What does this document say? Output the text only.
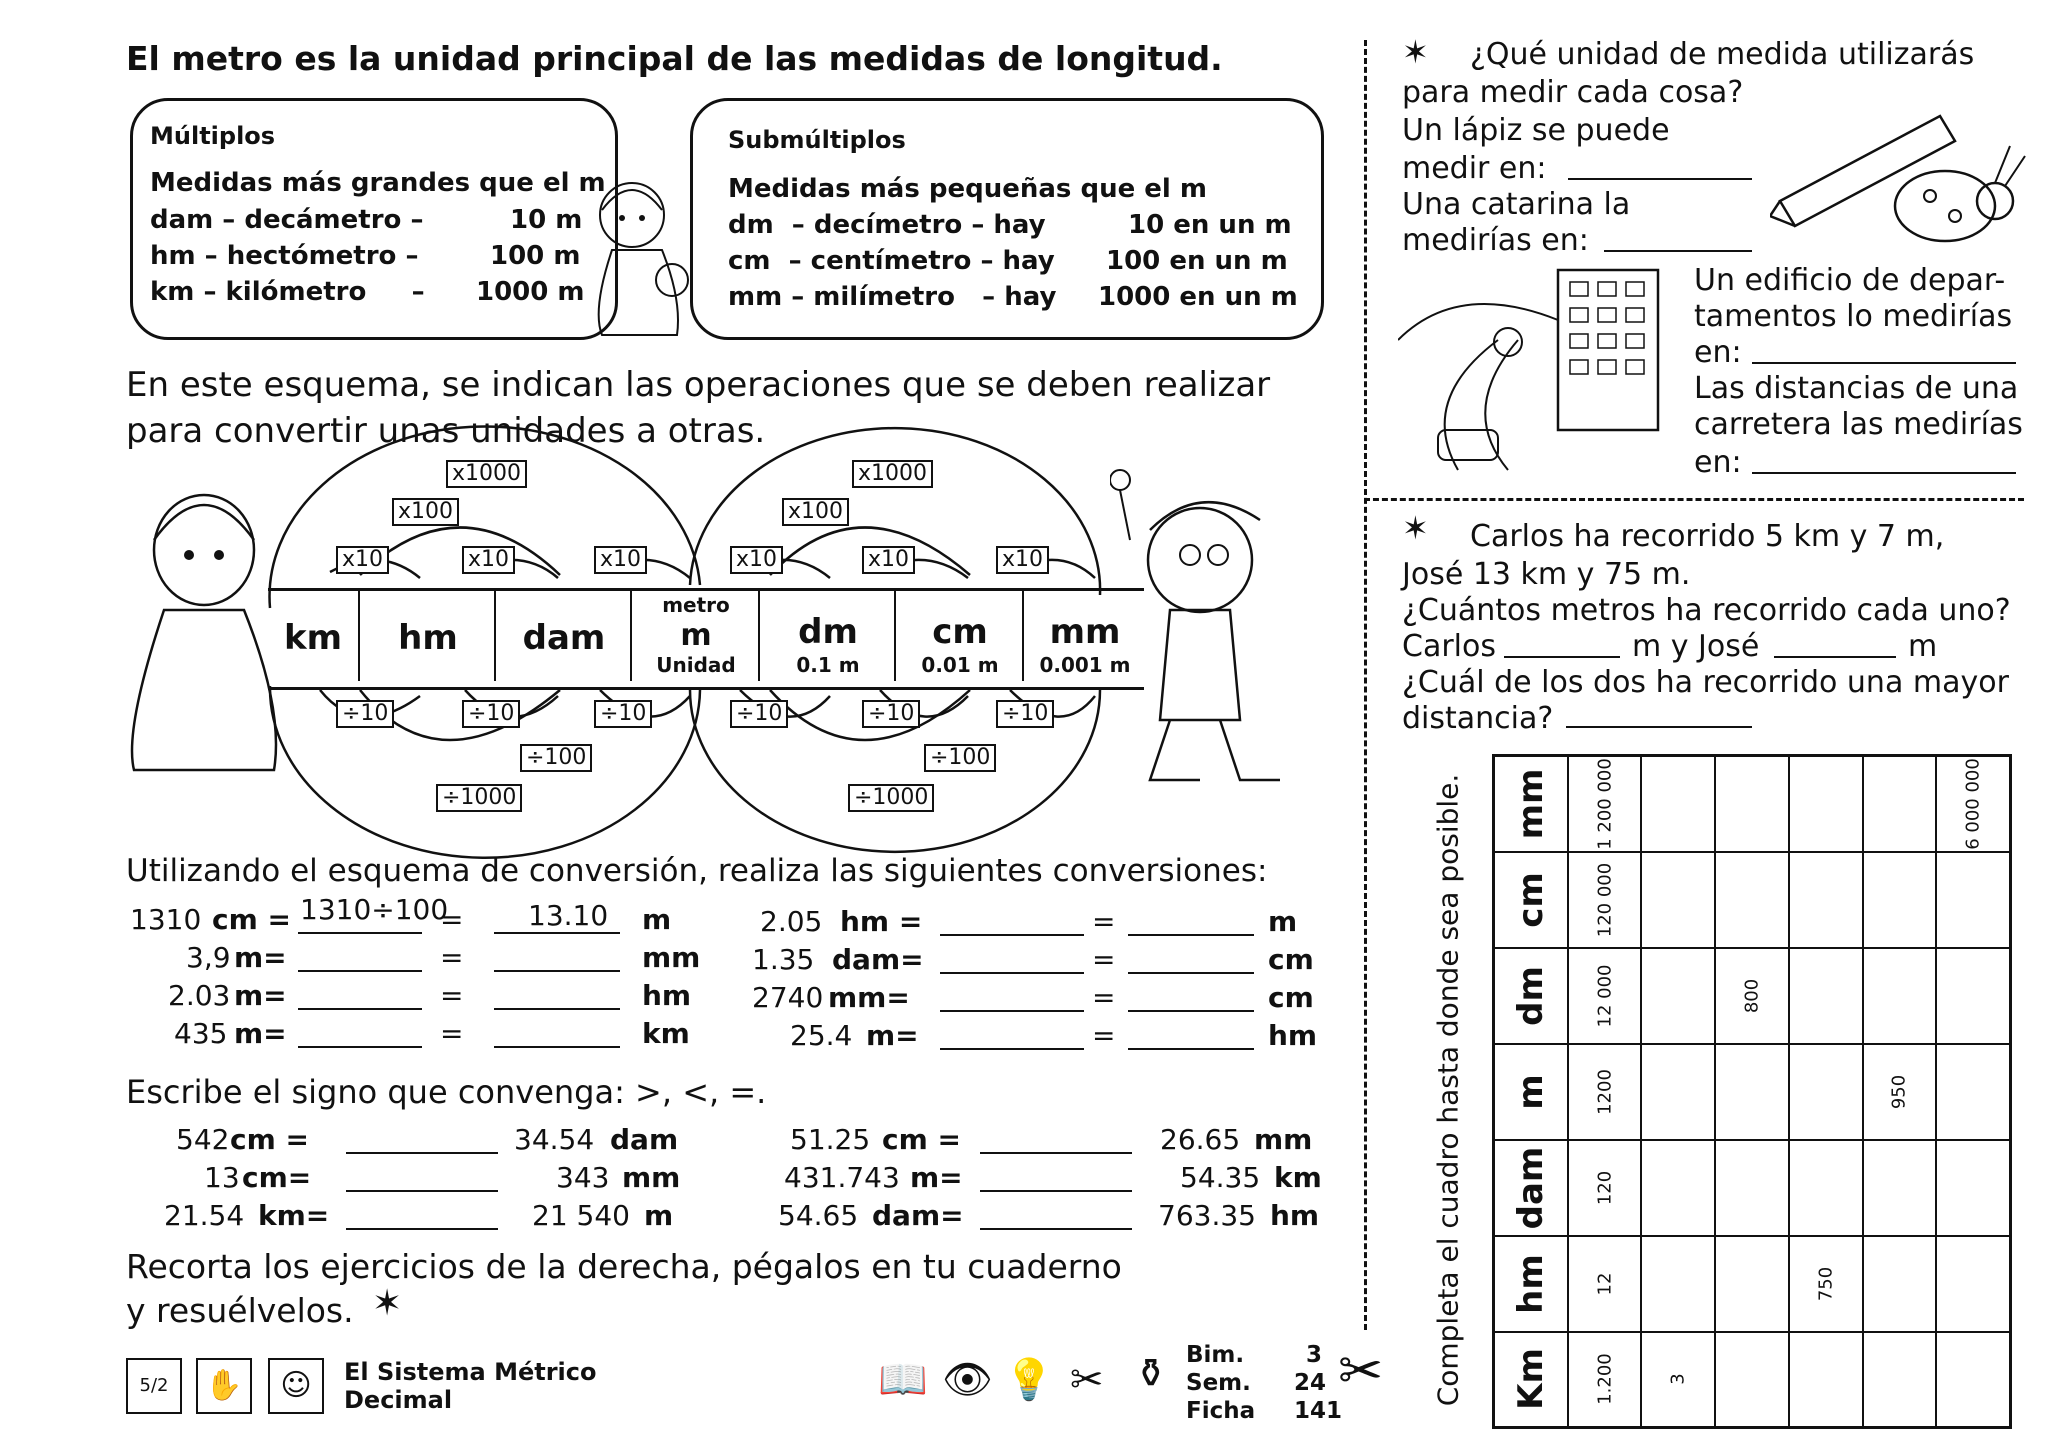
El metro es la unidad principal de las medidas de longitud.
Múltiplos
Medidas más grandes que el m
dam – decámetro –	10 m
hm – hectómetro –	100 m
km – kilómetro     – 1000 m
Submúltiplos
Medidas más pequeñas que el m
dm  – decímetro – hay	10 en un m
cm  – centímetro – hay 100 en un m
mm – milímetro   – hay 1000 en un m
En este esquema, se indican las operaciones que se deben realizar
para convertir unas unidades a otras.
km	hm	dam
metro
m
Unidad
dm
0.1 m
cm
0.01 m
mm
0.001 m
x1000
x100
x10	x10	x10
x1000
x100
x10	x10	x10
÷10	÷10	÷10
÷100
÷1000
÷10	÷10	÷10
÷100
÷1000
Utilizando el esquema de conversión, realiza las siguientes conversiones:
1310 cm = 1310÷100
= 13.10 m
3,9 m=	=	mm
2.03 m=	=	hm
435 m=	=	km
2.05 hm =	=	m
1.35 dam=	=	cm
2740 mm=	=	cm
25.4 m=	=	hm
Escribe el signo que convenga: >, <, =.
542 cm =	34.54 dam
13 cm=	343 mm
21.54 km=	21 540 m
51.25 cm =	26.65 mm
431.743 m=	54.35 km
54.65 dam=	763.35 hm
Recorta los ejercicios de la derecha, pégalos en tu cuaderno
y resuélvelos. ✶
5/2	✋	☺	El Sistema Métrico
Decimal	📖 👁 💡 ✂ ⚱ Bim.	3
Sem. 24
Ficha 141
✂
✶ ¿Qué unidad de medida utilizarás
para medir cada cosa?
Un lápiz se puede
medir en:
Una catarina la
medirías en:
Un edificio de depar-
tamentos lo medirías
en:
Las distancias de una
carretera las medirías
en:
✶ Carlos ha recorrido 5 km y 7 m,
José 13 km y 75 m.
¿Cuántos metros ha recorrido cada uno?
Carlos	m y José	m
¿Cuál de los dos ha recorrido una mayor
distancia?
Completa el cuadro hasta donde sea posible. mm	1 200 000					6 000 000

cm	120 000					

dm	12 000		800			

m	1200				950	

dam	120					

hm	12			750		

Km	1.200	3				
